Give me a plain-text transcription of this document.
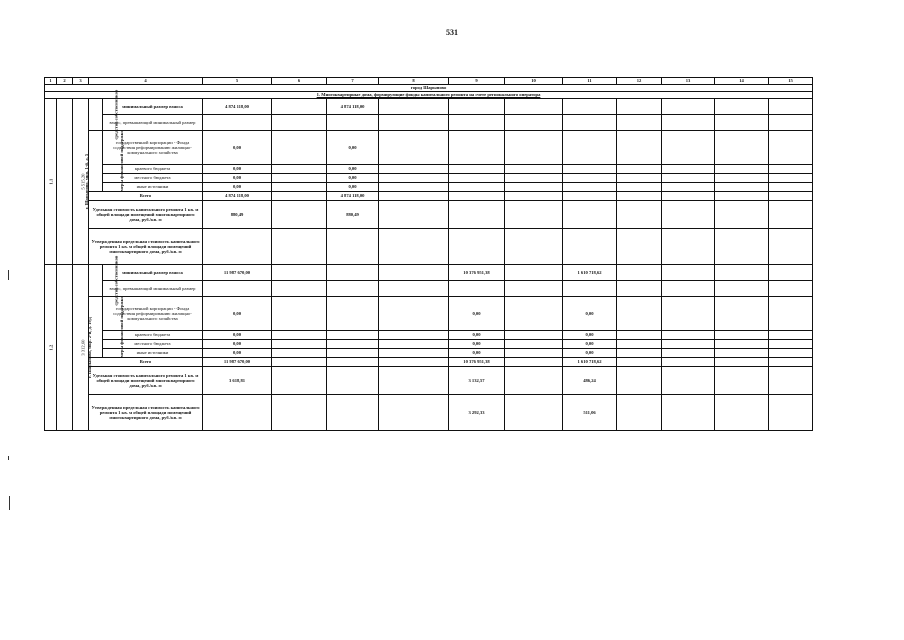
531
1	2	3	4		5	6	7	8	9	10	11	12	13	14	15
город Шарыпово															
1. Многоквартирные дома, формирующие фонды капитального ремонта на счете регионального оператора															
1.1	г. Шарыпово, мкр. 1-й, д. 5	5 515,20	средства собственников	минимальный размер взноса	4 874 118,00		4 874 118,00								
				взнос, превышающий минимальный размер											
			меры финансовой поддержки	государственной корпорации - Фонда содействия реформированию жилищно-коммунального хозяйства	0,00		0,00								
				краевого бюджета	0,00		0,00								
				местного бюджета	0,00		0,00								
				иные источники	0,00		0,00								
			Всего		4 874 118,00		4 874 118,00								
			Удельная стоимость капитального ремонта 1 кв. м общей площади помещений многоквартирного дома, руб./кв. м		880,49		880,49								
			Утвержденная предельная стоимость капитального ремонта 1 кв. м общей площади помещений многоквартирного дома, руб./кв. м												
1.2	г. Шарыпово, мкр. 2-й, д. 19Д	3 312,60	средства собственников	минимальный размер взноса	11 987 670,00				10 376 951,38		1 610 718,62				
				взнос, превышающий минимальный размер											
			меры финансовой поддержки	государственной корпорации - Фонда содействия реформированию жилищно-коммунального хозяйства	0,00				0,00		0,00				
				краевого бюджета	0,00				0,00		0,00				
				местного бюджета	0,00				0,00		0,00				
				иные источники	0,00				0,00		0,00				
			Всего		11 987 670,00				10 376 951,38		1 610 718,62				
			Удельная стоимость капитального ремонта 1 кв. м общей площади помещений многоквартирного дома, руб./кв. м		3 618,81				3 132,57		486,24				
			Утвержденная предельная стоимость капитального ремонта 1 кв. м общей площади помещений многоквартирного дома, руб./кв. м						3 292,33		511,06				
